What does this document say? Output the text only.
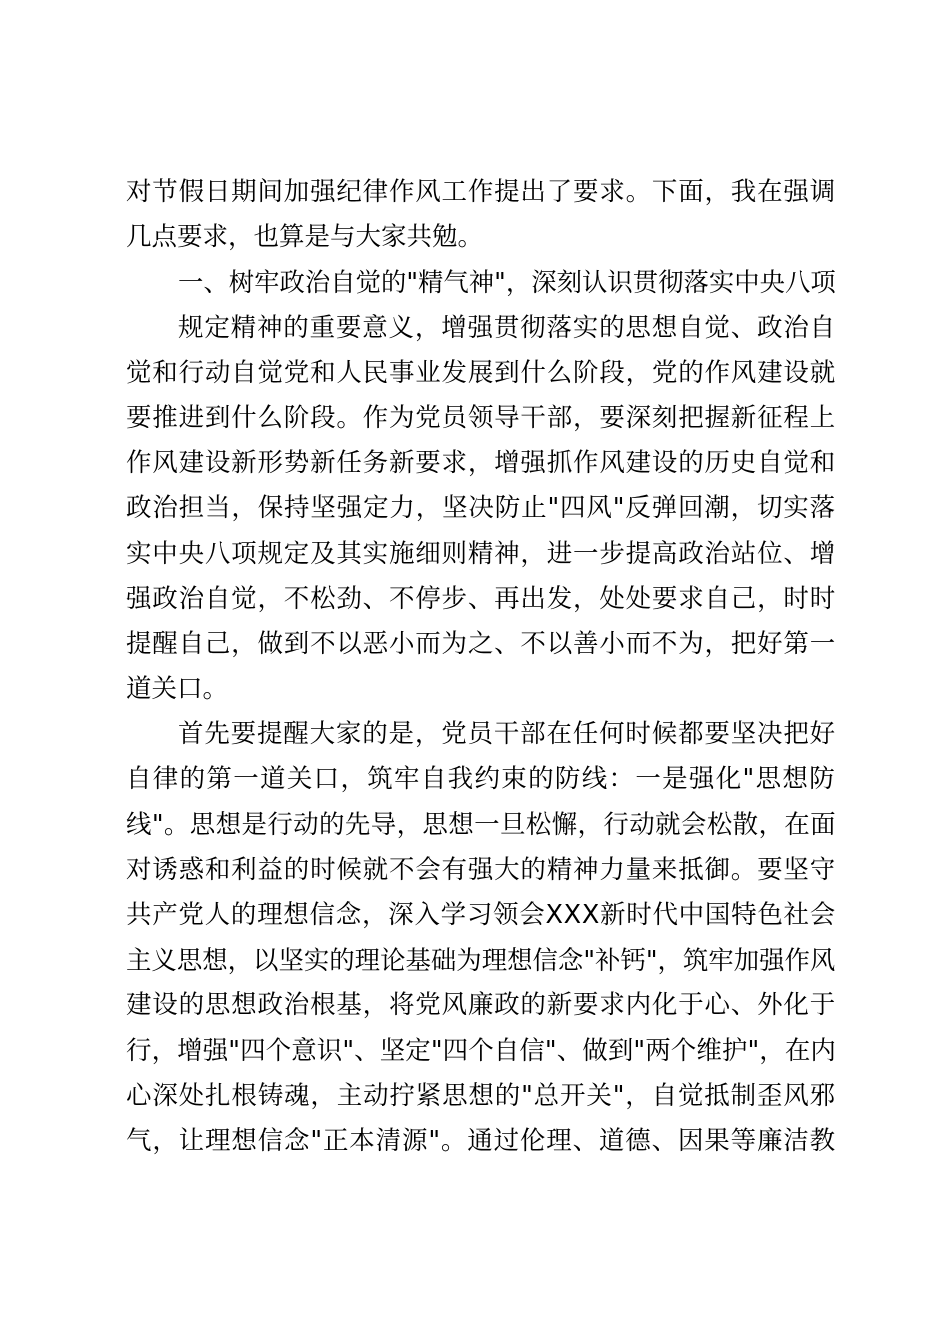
对节假日期间加强纪律作风工作提出了要求。下面，我在强调
几点要求，也算是与大家共勉。
一、树牢政治自觉的"精气神"，深刻认识贯彻落实中央八项
规定精神的重要意义，增强贯彻落实的思想自觉、政治自
觉和行动自觉党和人民事业发展到什么阶段，党的作风建设就
要推进到什么阶段。作为党员领导干部，要深刻把握新征程上
作风建设新形势新任务新要求，增强抓作风建设的历史自觉和
政治担当，保持坚强定力，坚决防止"四风"反弹回潮，切实落
实中央八项规定及其实施细则精神，进一步提高政治站位、增
强政治自觉，不松劲、不停步、再出发，处处要求自己，时时
提醒自己，做到不以恶小而为之、不以善小而不为，把好第一
道关口。
首先要提醒大家的是，党员干部在任何时候都要坚决把好
自律的第一道关口，筑牢自我约束的防线：一是强化"思想防
线"。思想是行动的先导，思想一旦松懈，行动就会松散，在面
对诱惑和利益的时候就不会有强大的精神力量来抵御。要坚守
共产党人的理想信念，深入学习领会XXX新时代中国特色社会
主义思想，以坚实的理论基础为理想信念"补钙"，筑牢加强作风
建设的思想政治根基，将党风廉政的新要求内化于心、外化于
行，增强"四个意识"、坚定"四个自信"、做到"两个维护"，在内
心深处扎根铸魂，主动拧紧思想的"总开关"，自觉抵制歪风邪
气，让理想信念"正本清源"。通过伦理、道德、因果等廉洁教
